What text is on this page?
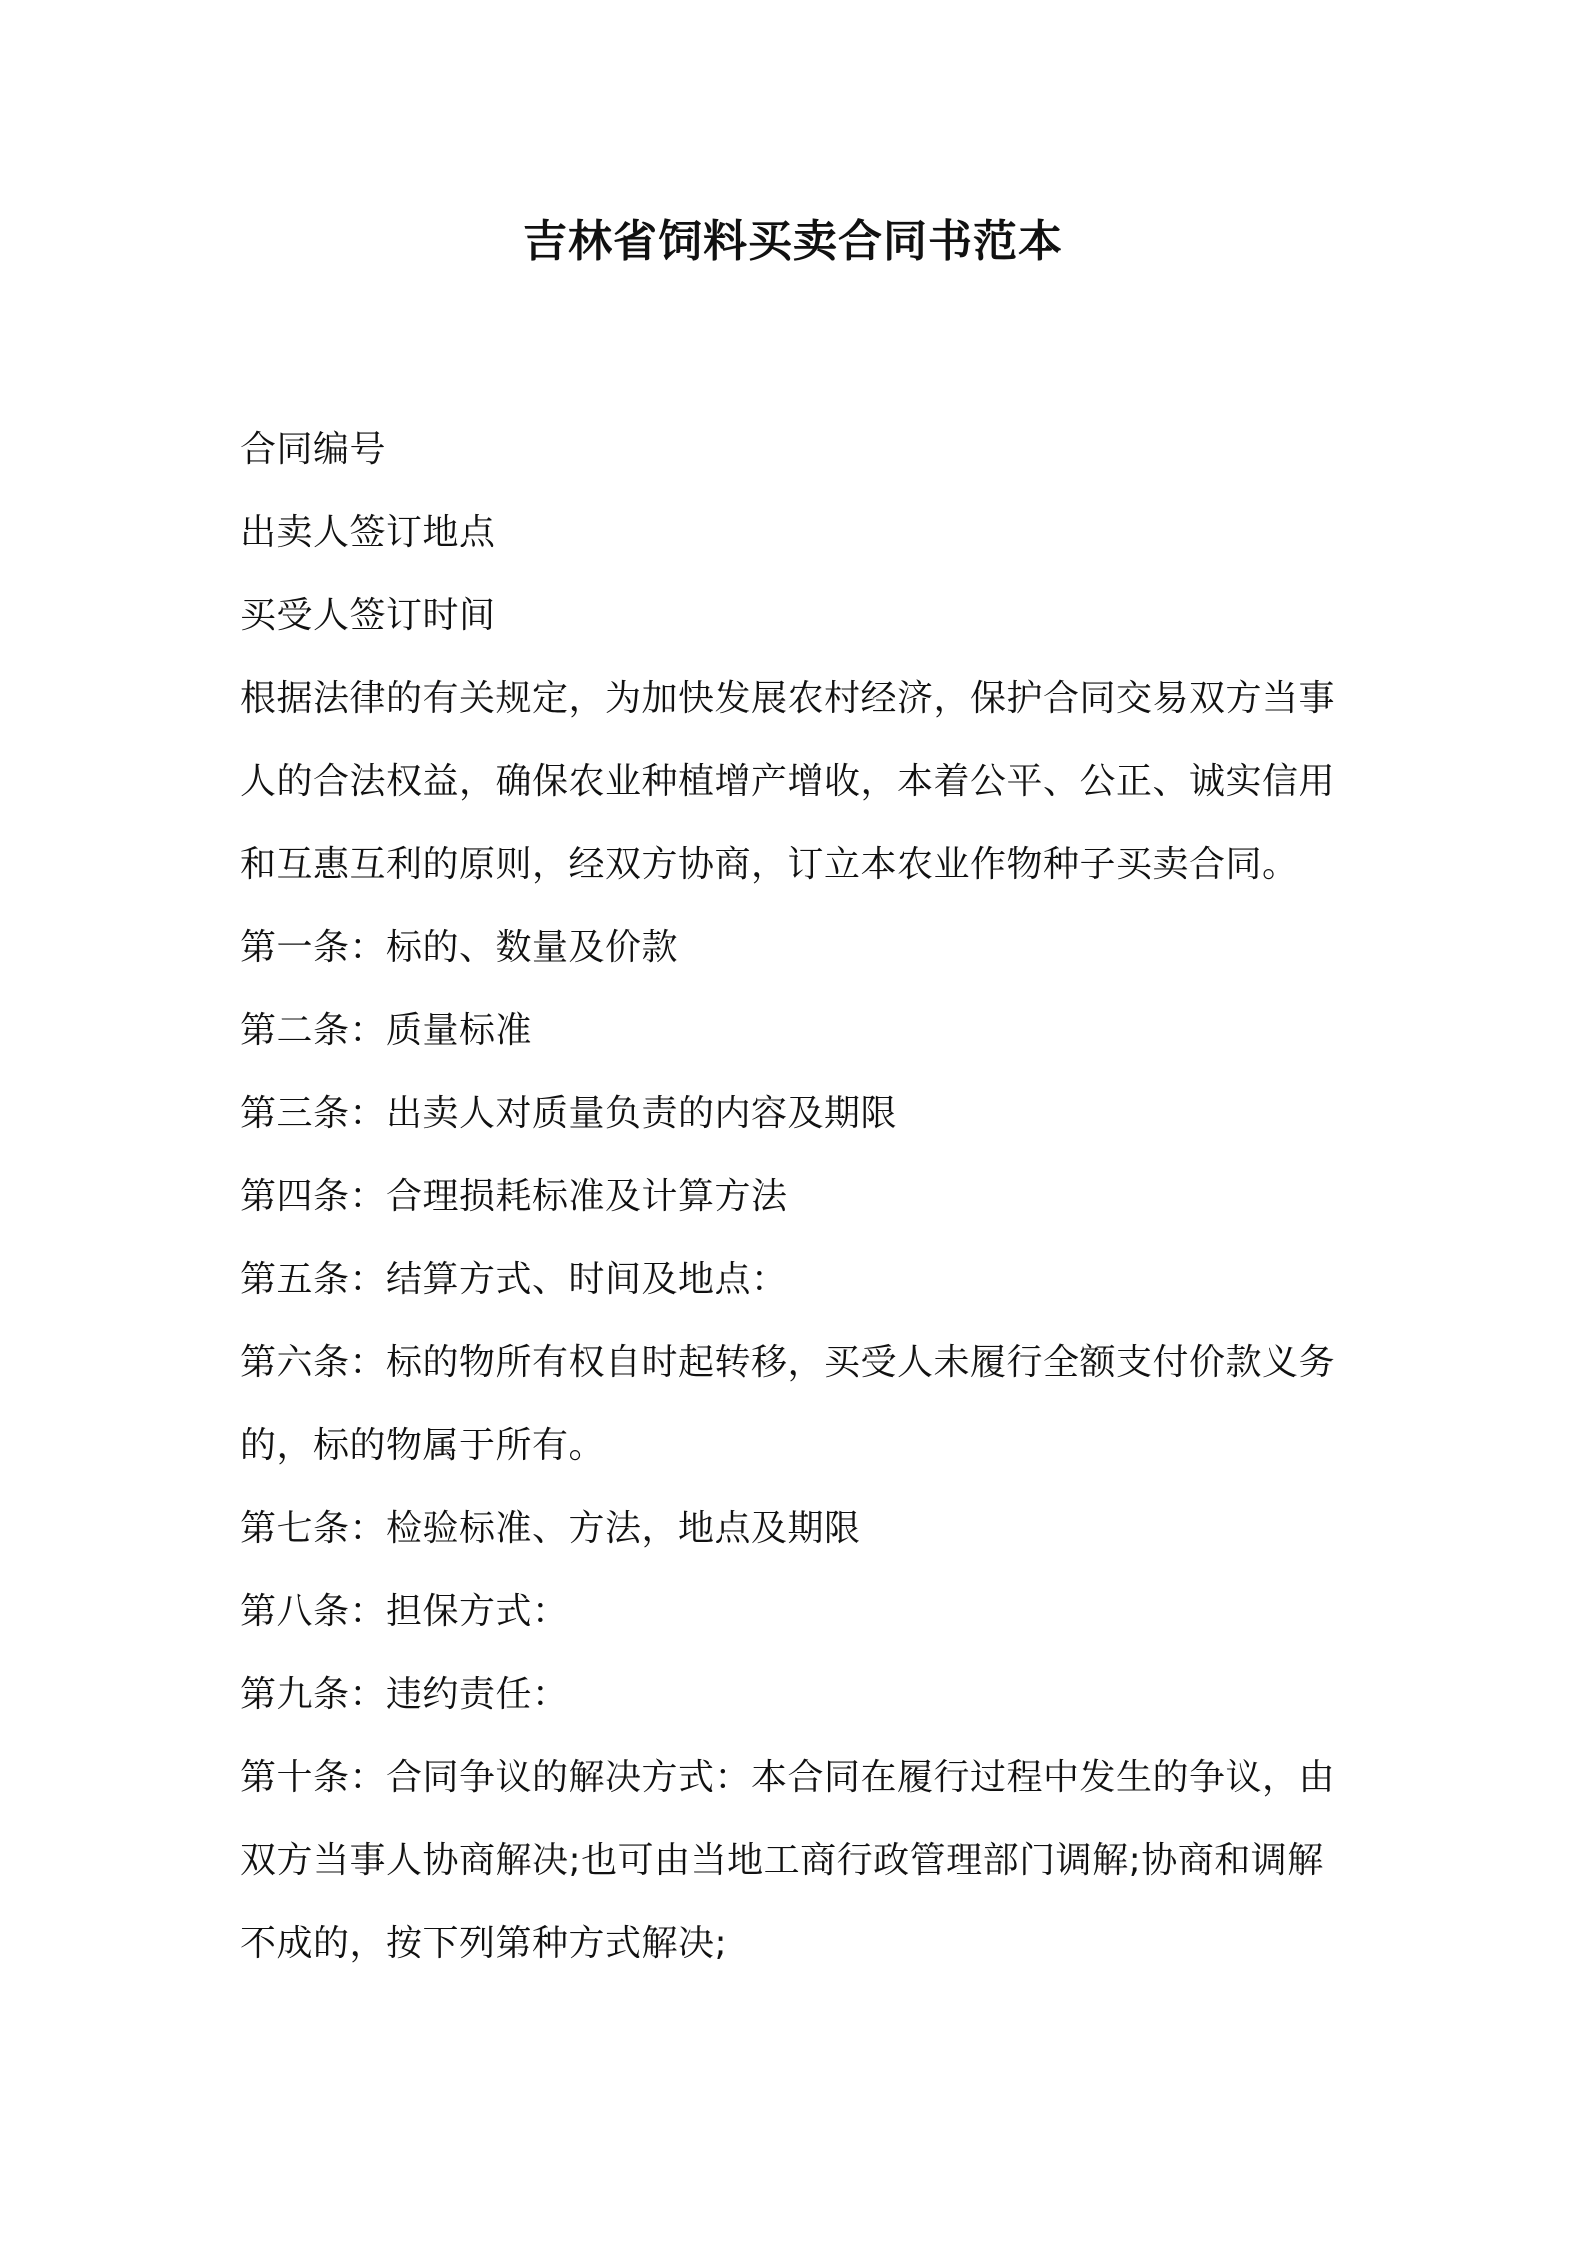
吉林省饲料买卖合同书范本

合同编号

出卖人签订地点

买受人签订时间

根据法律的有关规定，为加快发展农村经济，保护合同交易双方当事人的合法权益，确保农业种植增产增收，本着公平、公正、诚实信用和互惠互利的原则，经双方协商，订立本农业作物种子买卖合同。

第一条：标的、数量及价款

第二条：质量标准

第三条：出卖人对质量负责的内容及期限

第四条：合理损耗标准及计算方法

第五条：结算方式、时间及地点：

第六条：标的物所有权自时起转移，买受人未履行全额支付价款义务的，标的物属于所有。

第七条：检验标准、方法，地点及期限

第八条：担保方式：

第九条：违约责任：

第十条：合同争议的解决方式：本合同在履行过程中发生的争议，由双方当事人协商解决;也可由当地工商行政管理部门调解;协商和调解不成的，按下列第种方式解决;
